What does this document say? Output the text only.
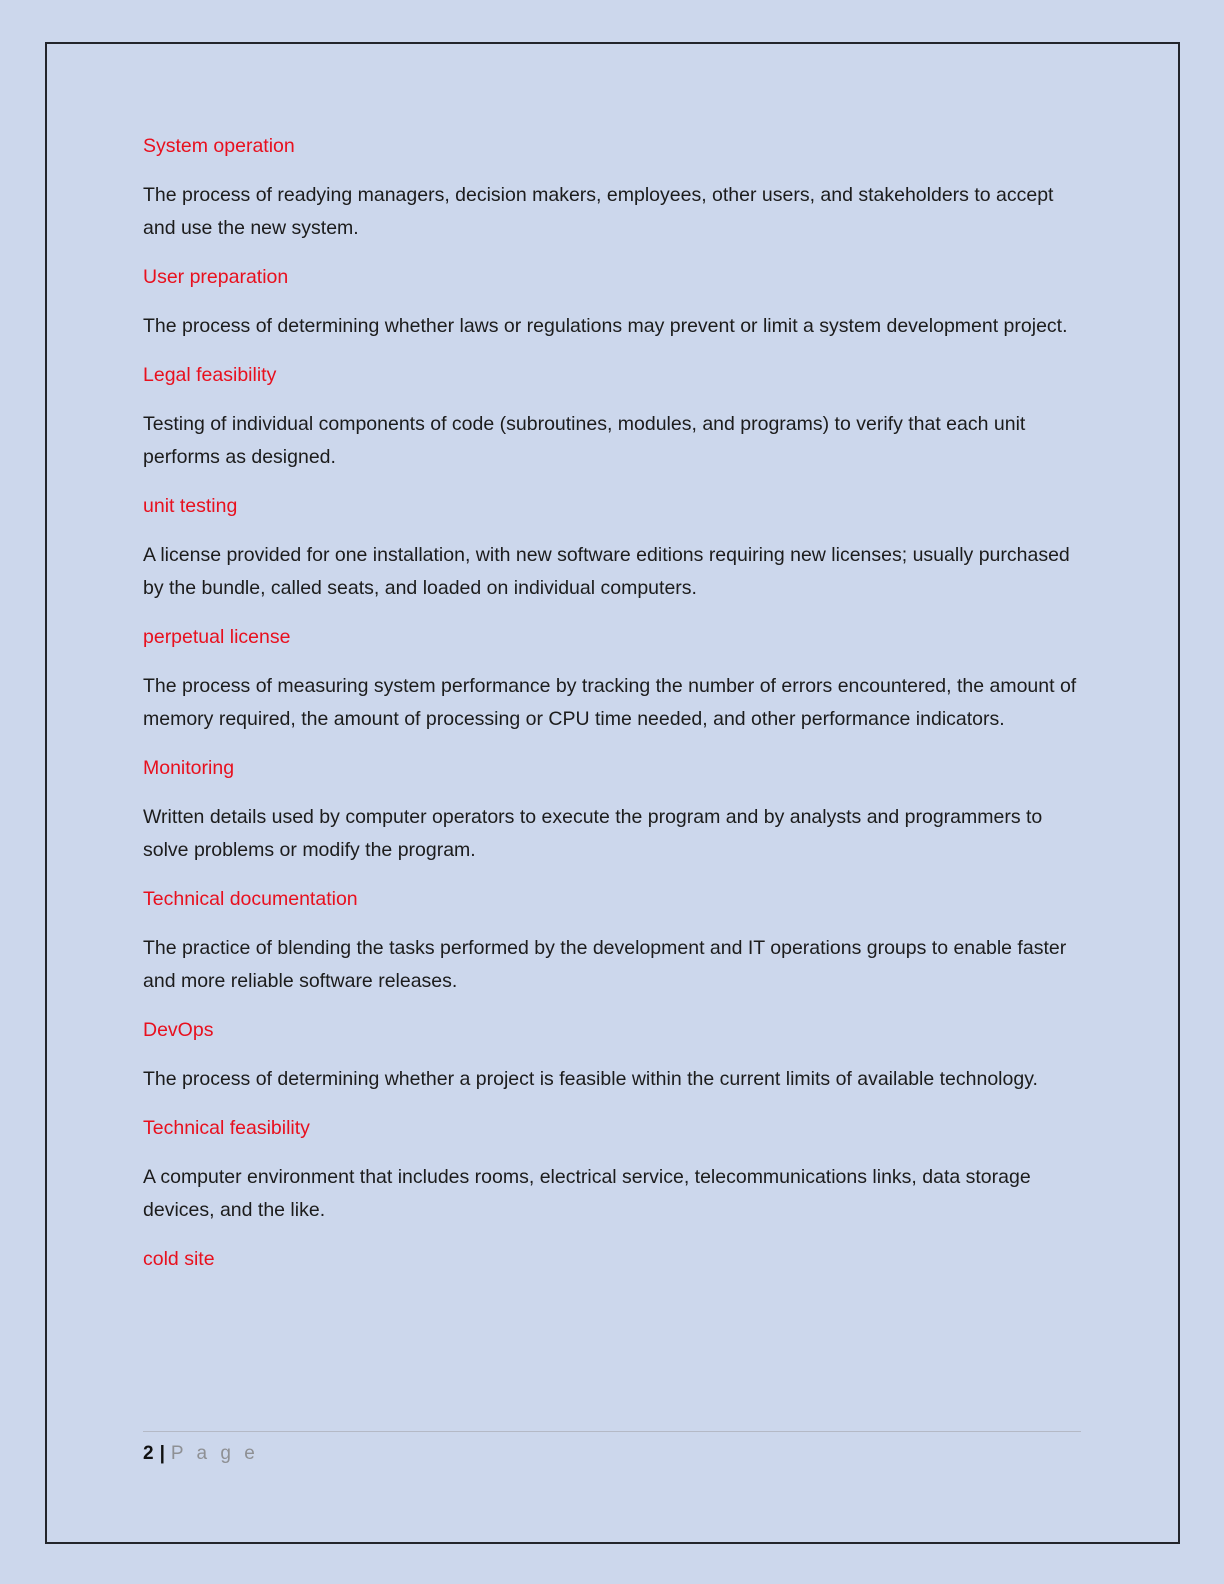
System operation

The process of readying managers, decision makers, employees, other users, and stakeholders to accept and use the new system.

User preparation

The process of determining whether laws or regulations may prevent or limit a system development project.

Legal feasibility

Testing of individual components of code (subroutines, modules, and programs) to verify that each unit performs as designed.

unit testing

A license provided for one installation, with new software editions requiring new licenses; usually purchased by the bundle, called seats, and loaded on individual computers.

perpetual license

The process of measuring system performance by tracking the number of errors encountered, the amount of memory required, the amount of processing or CPU time needed, and other performance indicators.

Monitoring

Written details used by computer operators to execute the program and by analysts and programmers to solve problems or modify the program.

Technical documentation

The practice of blending the tasks performed by the development and IT operations groups to enable faster and more reliable software releases.

DevOps

The process of determining whether a project is feasible within the current limits of available technology.

Technical feasibility

A computer environment that includes rooms, electrical service, telecommunications links, data storage devices, and the like.

cold site

2 | P a g e
